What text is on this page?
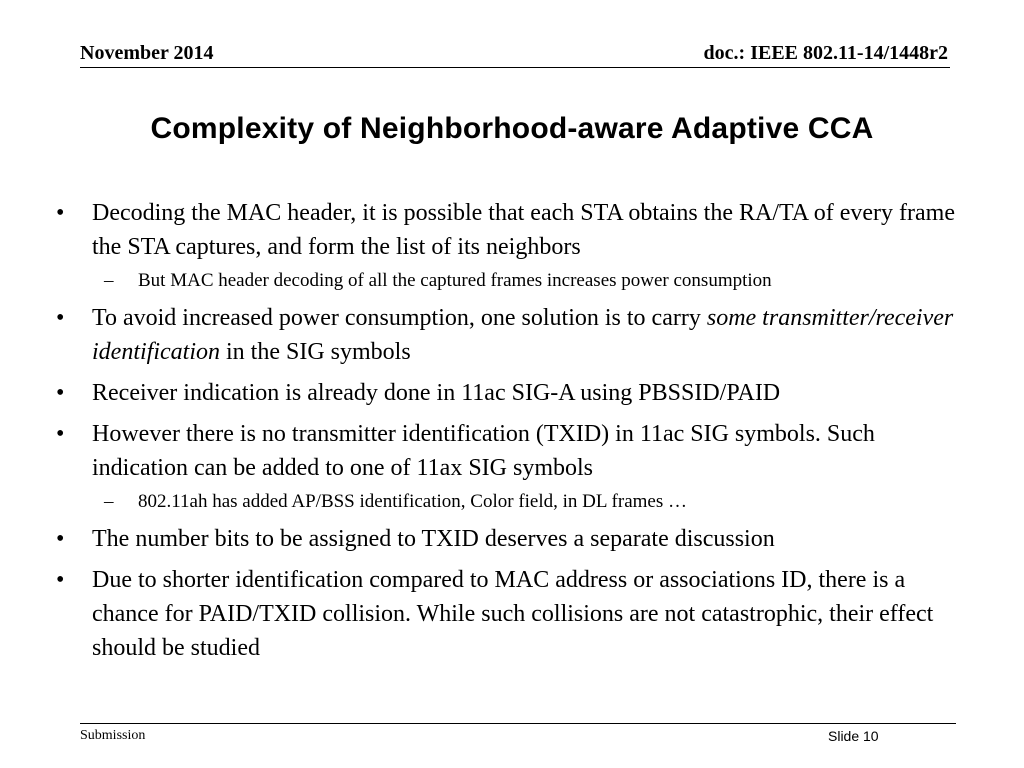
November 2014	doc.: IEEE 802.11-14/1448r2
Complexity of Neighborhood-aware Adaptive CCA
• Decoding the MAC header, it is possible that each STA obtains the RA/TA of every frame the STA captures, and form the list of its neighbors
– But MAC header decoding of all the captured frames increases power consumption
• To avoid increased power consumption, one solution is to carry some transmitter/receiver identification in the SIG symbols
• Receiver indication is already done in 11ac SIG-A using PBSSID/PAID
• However there is no transmitter identification (TXID) in 11ac SIG symbols. Such indication can be added to one of 11ax SIG symbols
– 802.11ah has added AP/BSS identification, Color field, in DL frames …
• The number bits to be assigned to TXID deserves a separate discussion
• Due to shorter identification compared to MAC address or associations ID, there is a chance for PAID/TXID collision. While such collisions are not catastrophic, their effect should be studied
Submission	Slide 10
